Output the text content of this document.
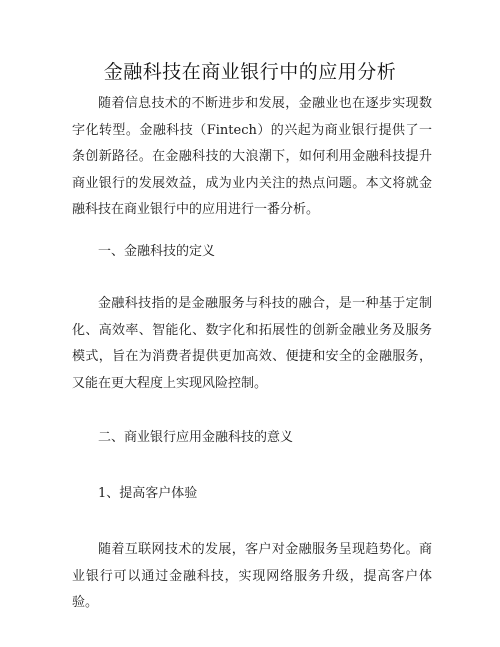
金融科技在商业银行中的应用分析

随着信息技术的不断进步和发展，金融业也在逐步实现数字化转型。金融科技（Fintech）的兴起为商业银行提供了一条创新路径。在金融科技的大浪潮下，如何利用金融科技提升商业银行的发展效益，成为业内关注的热点问题。本文将就金融科技在商业银行中的应用进行一番分析。

一、金融科技的定义

金融科技指的是金融服务与科技的融合，是一种基于定制化、高效率、智能化、数字化和拓展性的创新金融业务及服务模式，旨在为消费者提供更加高效、便捷和安全的金融服务，又能在更大程度上实现风险控制。

二、商业银行应用金融科技的意义

1、提高客户体验

随着互联网技术的发展，客户对金融服务呈现趋势化。商业银行可以通过金融科技，实现网络服务升级，提高客户体验。
